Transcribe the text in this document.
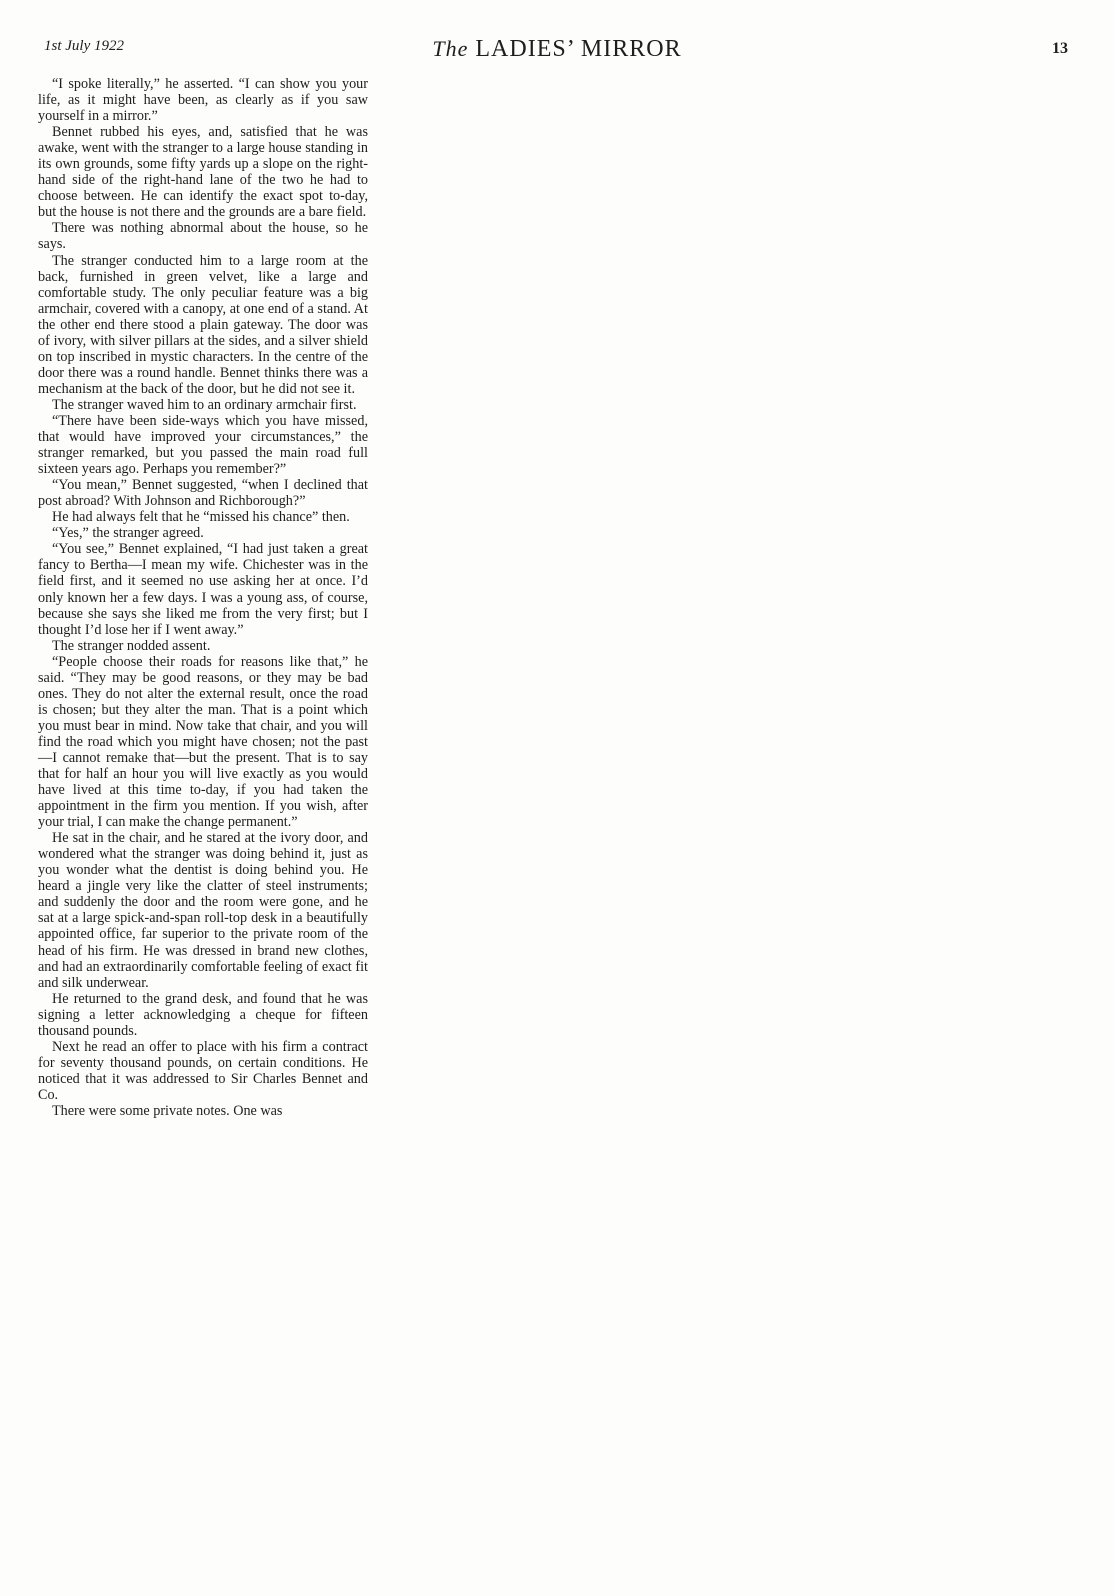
1st July 1922	The LADIES’ MIRROR	13

“I spoke literally,” he asserted. “I can show you your life, as it might have been, as clearly as if you saw yourself in a mirror.”

Bennet rubbed his eyes, and, satisfied that he was awake, went with the stranger to a large house standing in its own grounds, some fifty yards up a slope on the right-hand side of the right-hand lane of the two he had to choose between. He can identify the exact spot to-day, but the house is not there and the grounds are a bare field.

There was nothing abnormal about the house, so he says.

The stranger conducted him to a large room at the back, furnished in green velvet, like a large and comfortable study. The only peculiar feature was a big armchair, covered with a canopy, at one end of a stand. At the other end there stood a plain gateway. The door was of ivory, with silver pillars at the sides, and a silver shield on top inscribed in mystic characters. In the centre of the door there was a round handle. Bennet thinks there was a mechanism at the back of the door, but he did not see it.

The stranger waved him to an ordinary armchair first.

“There have been side-ways which you have missed, that would have improved your circumstances,” the stranger remarked, but you passed the main road full sixteen years ago. Perhaps you remember?”

“You mean,” Bennet suggested, “when I declined that post abroad? With Johnson and Richborough?”

He had always felt that he “missed his chance” then.

“Yes,” the stranger agreed.

“You see,” Bennet explained, “I had just taken a great fancy to Bertha—I mean my wife. Chichester was in the field first, and it seemed no use asking her at once. I’d only known her a few days. I was a young ass, of course, because she says she liked me from the very first; but I thought I’d lose her if I went away.”

The stranger nodded assent.

“People choose their roads for reasons like that,” he said. “They may be good reasons, or they may be bad ones. They do not alter the external result, once the road is chosen; but they alter the man. That is a point which you must bear in mind. Now take that chair, and you will find the road which you might have chosen; not the past—I cannot remake that—but the present. That is to say that for half an hour you will live exactly as you would have lived at this time to-day, if you had taken the appointment in the firm you mention. If you wish, after your trial, I can make the change permanent.”

He sat in the chair, and he stared at the ivory door, and wondered what the stranger was doing behind it, just as you wonder what the dentist is doing behind you. He heard a jingle very like the clatter of steel instruments; and suddenly the door and the room were gone, and he sat at a large spick-and-span roll-top desk in a beautifully appointed office, far superior to the private room of the head of his firm. He was dressed in brand new clothes, and had an extraordinarily comfortable feeling of exact fit and silk underwear.

He returned to the grand desk, and found that he was signing a letter acknowledging a cheque for fifteen thousand pounds.

Next he read an offer to place with his firm a contract for seventy thousand pounds, on certain conditions. He noticed that it was addressed to Sir Charles Bennet and Co.

There were some private notes. One was
